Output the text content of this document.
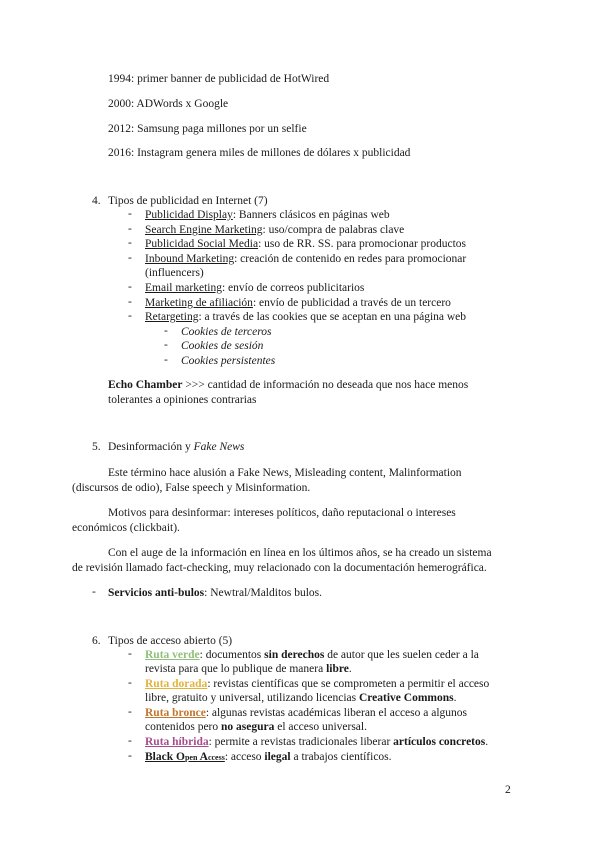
1994: primer banner de publicidad de HotWired
2000: ADWords x Google
2012: Samsung paga millones por un selfie
2016: Instagram genera miles de millones de dólares x publicidad
4. Tipos de publicidad en Internet (7)
- Publicidad Display: Banners clásicos en páginas web
- Search Engine Marketing: uso/compra de palabras clave
- Publicidad Social Media: uso de RR. SS. para promocionar productos
- Inbound Marketing: creación de contenido en redes para promocionar
(influencers)
- Email marketing: envío de correos publicitarios
- Marketing de afiliación: envío de publicidad a través de un tercero
- Retargeting: a través de las cookies que se aceptan en una página web
- Cookies de terceros
- Cookies de sesión
- Cookies persistentes
Echo Chamber >>> cantidad de información no deseada que nos hace menos
tolerantes a opiniones contrarias
5. Desinformación y Fake News
Este término hace alusión a Fake News, Misleading content, Malinformation
(discursos de odio), False speech y Misinformation.
Motivos para desinformar: intereses políticos, daño reputacional o intereses
económicos (clickbait).
Con el auge de la información en línea en los últimos años, se ha creado un sistema
de revisión llamado fact-checking, muy relacionado con la documentación hemerográfica.
- Servicios anti-bulos: Newtral/Malditos bulos.
6. Tipos de acceso abierto (5)
- Ruta verde: documentos sin derechos de autor que les suelen ceder a la
revista para que lo publique de manera libre.
- Ruta dorada: revistas científicas que se comprometen a permitir el acceso
libre, gratuito y universal, utilizando licencias Creative Commons.
- Ruta bronce: algunas revistas académicas liberan el acceso a algunos
contenidos pero no asegura el acceso universal.
- Ruta híbrida: permite a revistas tradicionales liberar artículos concretos.
- Black Open Access: acceso ilegal a trabajos científicos.
2
